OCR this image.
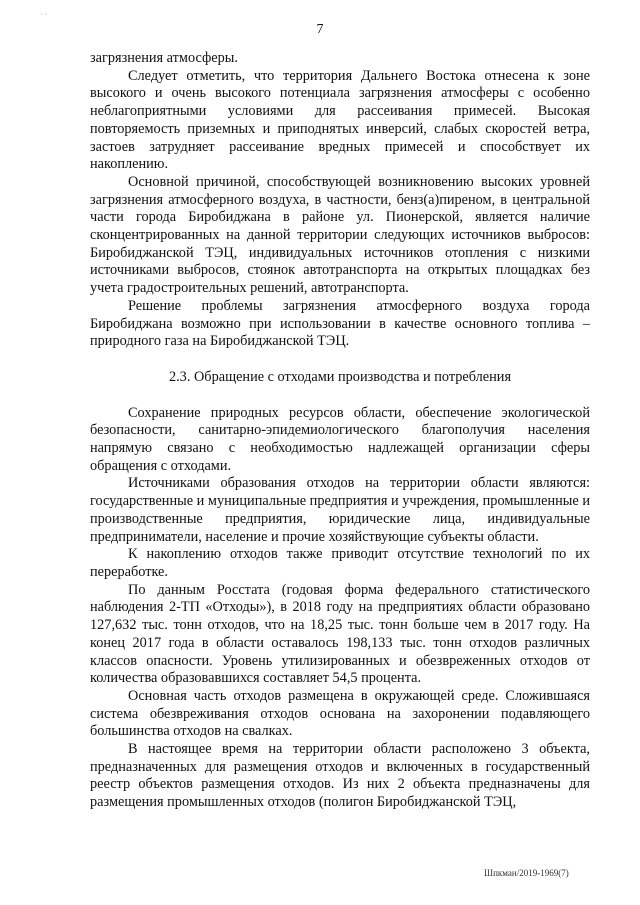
· ·
7

загрязнения атмосферы.

Следует отметить, что территория Дальнего Востока отнесена к зоне высокого и очень высокого потенциала загрязнения атмосферы с особенно неблагоприятными условиями для рассеивания примесей. Высокая повторяемость приземных и приподнятых инверсий, слабых скоростей ветра, застоев затрудняет рассеивание вредных примесей и способствует их накоплению.

Основной причиной, способствующей возникновению высоких уровней загрязнения атмосферного воздуха, в частности, бенз(а)пиреном, в центральной части города Биробиджана в районе ул. Пионерской, является наличие сконцентрированных на данной территории следующих источников выбросов: Биробиджанской ТЭЦ, индивидуальных источников отопления с низкими источниками выбросов, стоянок автотранспорта на открытых площадках без учета градостроительных решений, автотранспорта.

Решение проблемы загрязнения атмосферного воздуха города Биробиджана возможно при использовании в качестве основного топлива – природного газа на Биробиджанской ТЭЦ.

2.3. Обращение с отходами производства и потребления

Сохранение природных ресурсов области, обеспечение экологической безопасности, санитарно-эпидемиологического благополучия населения напрямую связано с необходимостью надлежащей организации сферы обращения с отходами.

Источниками образования отходов на территории области являются: государственные и муниципальные предприятия и учреждения, промышленные и производственные предприятия, юридические лица, индивидуальные предприниматели, население и прочие хозяйствующие субъекты области.

К накоплению отходов также приводит отсутствие технологий по их переработке.

По данным Росстата (годовая форма федерального статистического наблюдения 2-ТП «Отходы»), в 2018 году на предприятиях области образовано 127,632 тыс. тонн отходов, что на 18,25 тыс. тонн больше чем в 2017 году. На конец 2017 года в области оставалось 198,133 тыс. тонн отходов различных классов опасности. Уровень утилизированных и обезвреженных отходов от количества образовавшихся составляет 54,5 процента.

Основная часть отходов размещена в окружающей среде. Сложившаяся система обезвреживания отходов основана на захоронении подавляющего большинства отходов на свалках.

В настоящее время на территории области расположено 3 объекта, предназначенных для размещения отходов и включенных в государственный реестр объектов размещения отходов. Из них 2 объекта предназначены для размещения промышленных отходов (полигон Биробиджанской ТЭЦ,

Шпкман/2019-1969(7)
